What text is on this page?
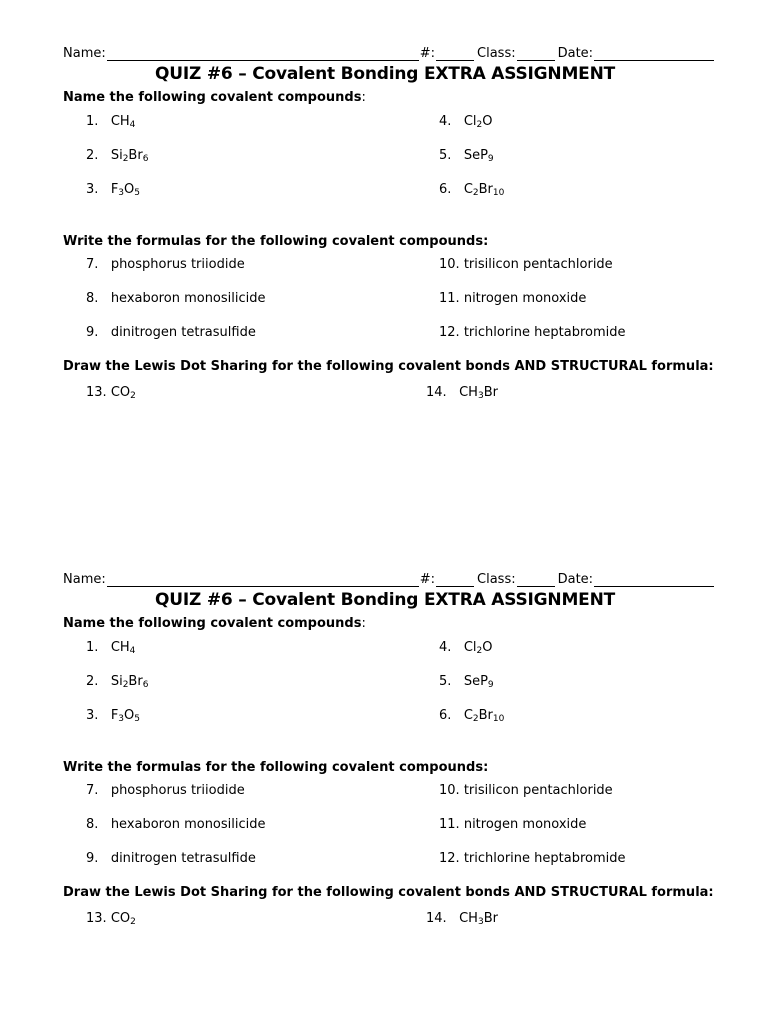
Name:	#:	Class:	Date:
QUIZ #6 – Covalent Bonding EXTRA ASSIGNMENT
Name the following covalent compounds:
1. $CH_4$
2. $Si_2Br_6$
3. $F_3O_5$
4. $Cl_2O$
5. SeP$_9$
6. $C_2Br_{10}$
Write the formulas for the following covalent compounds:
7. phosphorus triiodide
8. hexaboron monosilicide
9. dinitrogen tetrasulfide
10. trisilicon pentachloride
11. nitrogen monoxide
12. trichlorine heptabromide
Draw the Lewis Dot Sharing for the following covalent bonds AND STRUCTURAL formula:
13. $CO_2$	14. $CH_3Br$
Name:	#:	Class:	Date:
QUIZ #6 – Covalent Bonding EXTRA ASSIGNMENT
Name the following covalent compounds:
1. $CH_4$
2. $Si_2Br_6$
3. $F_3O_5$
4. $Cl_2O$
5. SeP$_9$
6. $C_2Br_{10}$
Write the formulas for the following covalent compounds:
7. phosphorus triiodide
8. hexaboron monosilicide
9. dinitrogen tetrasulfide
10. trisilicon pentachloride
11. nitrogen monoxide
12. trichlorine heptabromide
Draw the Lewis Dot Sharing for the following covalent bonds AND STRUCTURAL formula:
13. $CO_2$	14. $CH_3Br$
